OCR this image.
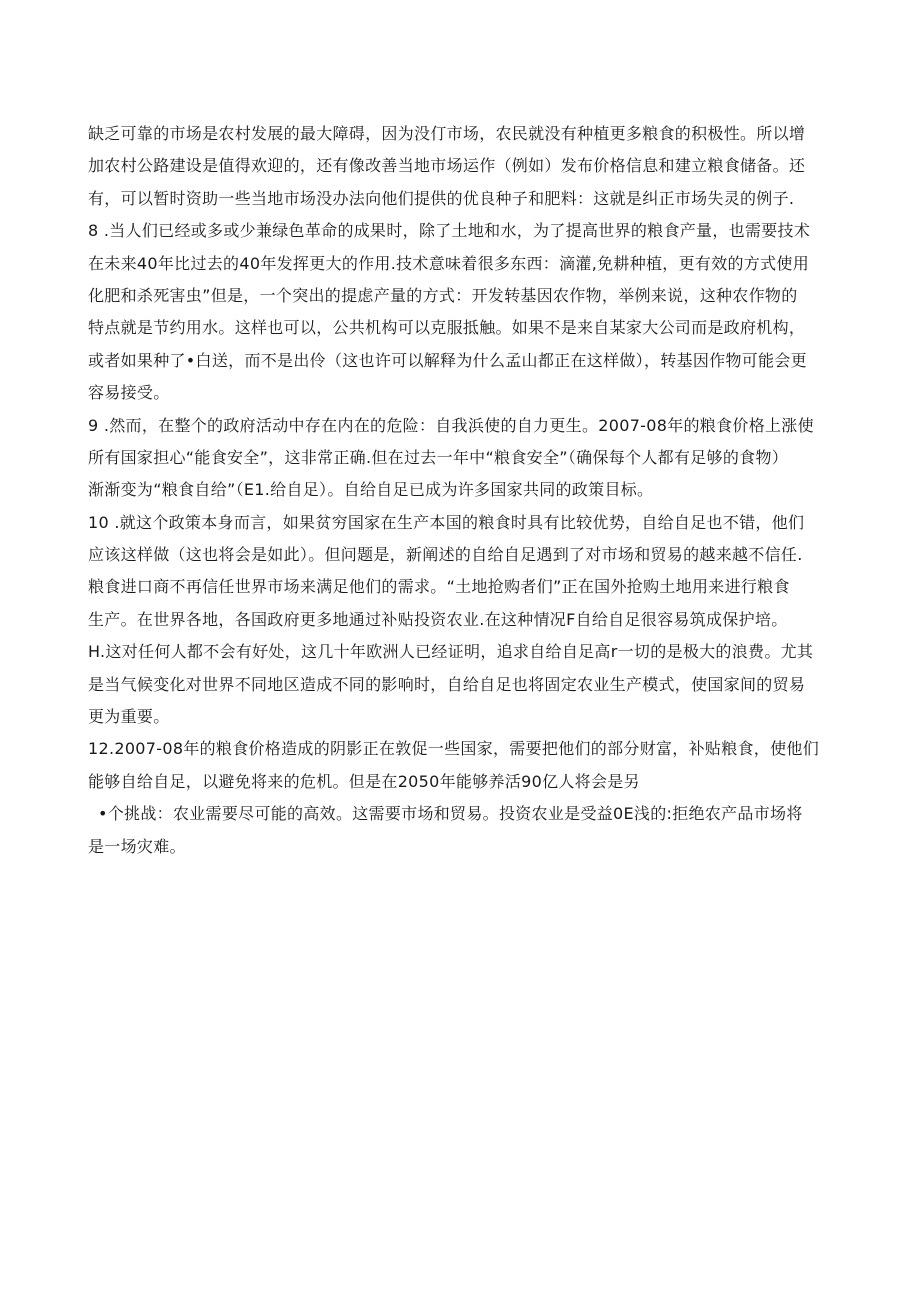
缺乏可靠的市场是农村发展的最大障碍，因为没仃市场，农民就没有种植更多粮食的积极性。所以增
加农村公路建设是值得欢迎的，还有像改善当地市场运作（例如）发布价格信息和建立粮食储备。还
有，可以暂时资助一些当地市场没办法向他们提供的优良种子和肥料：这就是纠正市场失灵的例子.
8 .当人们已经或多或少兼绿色革命的成果时，除了土地和水，为了提高世界的粮食产量，也需要技术
在未来40年比过去的40年发挥更大的作用.技术意味着很多东西：滴灌,免耕种植，更有效的方式使用
化肥和杀死害虫”但是，一个突出的提虑产量的方式：开发转基因农作物，举例来说，这种农作物的
特点就是节约用水。这样也可以，公共机构可以克服抵触。如果不是来自某家大公司而是政府机构，
或者如果种了•白送，而不是出伶（这也许可以解释为什么孟山都正在这样做），转基因作物可能会更
容易接受。
9 .然而，在整个的政府活动中存在内在的危险：自我浜使的自力更生。2007-08年的粮食价格上涨使
所有国家担心“能食安全”，这非常正确.但在过去一年中“粮食安全”（确保每个人都有足够的食物）
渐渐变为“粮食自给”（E1.给自足）。自给自足已成为许多国家共同的政策目标。
10 .就这个政策本身而言，如果贫穷国家在生产本国的粮食时具有比较优势，自给自足也不错，他们
应该这样做（这也将会是如此）。但问题是，新阐述的自给自足遇到了对市场和贸易的越来越不信任.
粮食进口商不再信任世界市场来满足他们的需求。“土地抢购者们”正在国外抢购土地用来进行粮食
生产。在世界各地，各国政府更多地通过补贴投资农业.在这种情况F自给自足很容易筑成保护培。
H.这对任何人都不会有好处，这几十年欧洲人已经证明，追求自给自足高r一切的是极大的浪费。尤其
是当气候变化对世界不同地区造成不同的影响时，自给自足也将固定农业生产模式，使国家间的贸易
更为重要。
12.2007-08年的粮食价格造成的阴影正在敦促一些国家，需要把他们的部分财富，补贴粮食，使他们
能够自给自足，以避免将来的危机。但是在2050年能够养活90亿人将会是另
•个挑战：农业需要尽可能的高效。这需要市场和贸易。投资农业是受益0E浅的:拒绝农产品市场将
是一场灾难。
